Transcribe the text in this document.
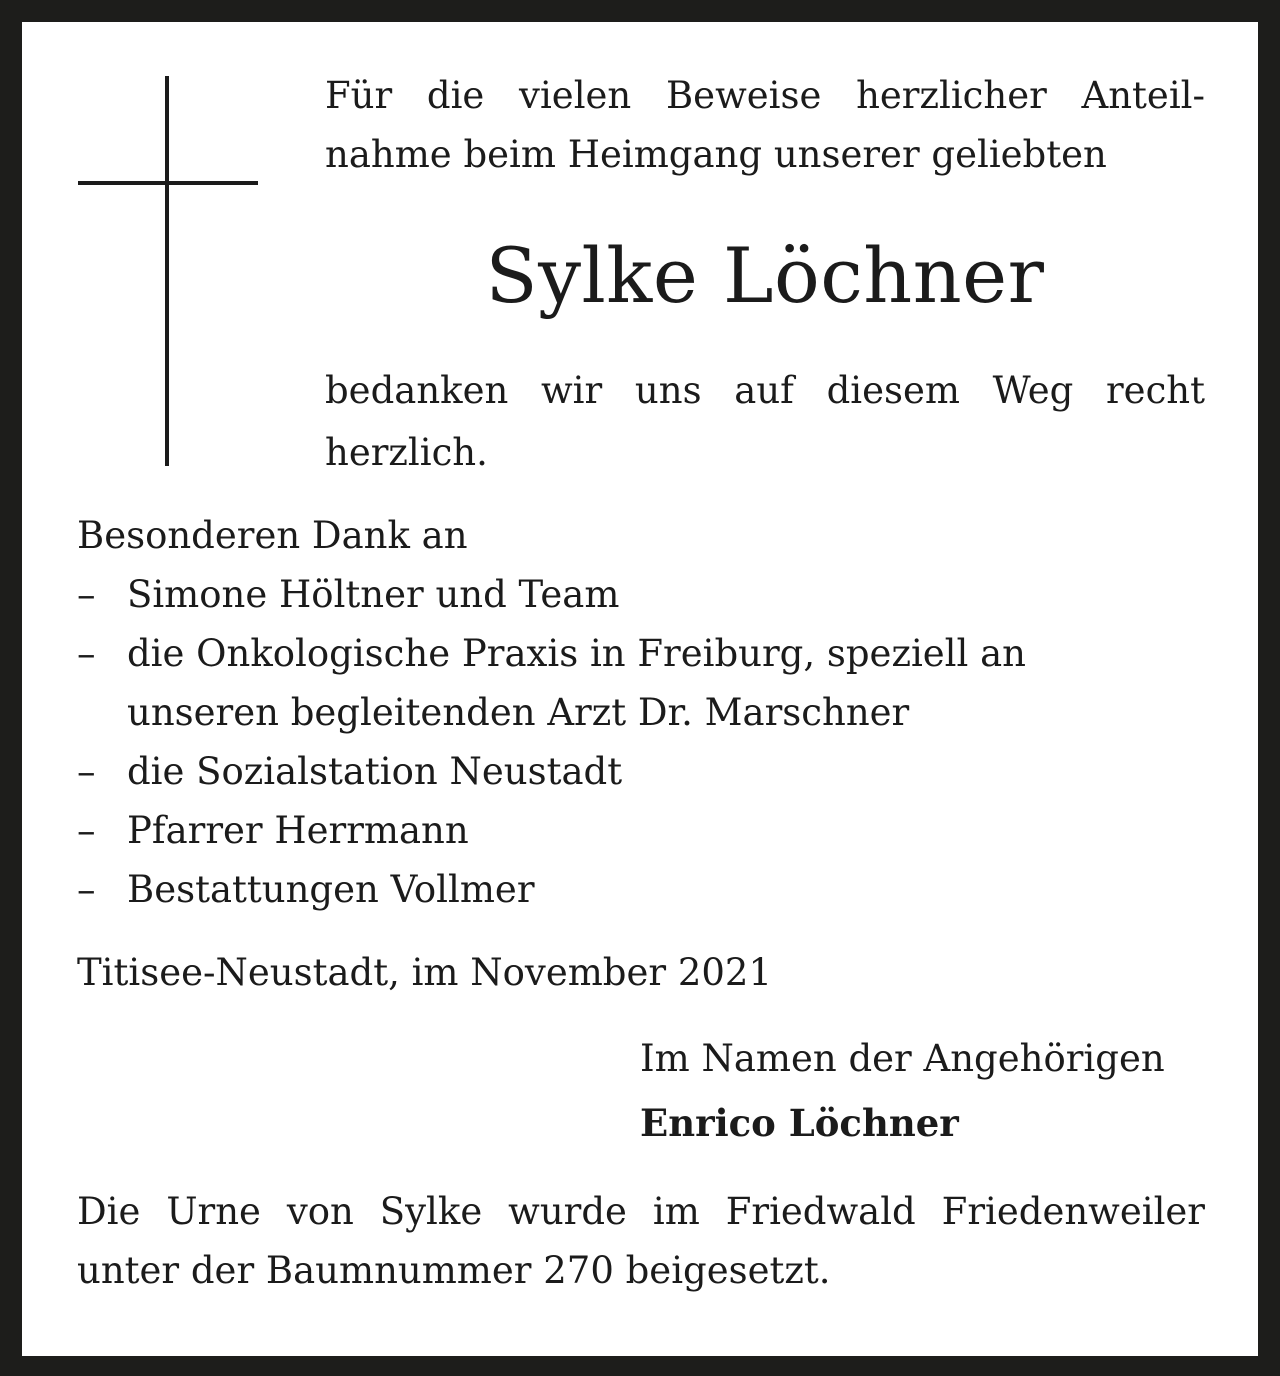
Für die vielen Beweise herzlicher Anteil-
nahme beim Heimgang unserer geliebten

Sylke Löchner

bedanken wir uns auf diesem Weg recht
herzlich.

Besonderen Dank an
– Simone Höltner und Team
– die Onkologische Praxis in Freiburg, speziell an
unseren begleitenden Arzt Dr. Marschner
– die Sozialstation Neustadt
– Pfarrer Herrmann
– Bestattungen Vollmer

Titisee-Neustadt, im November 2021

Im Namen der Angehörigen
Enrico Löchner

Die Urne von Sylke wurde im Friedwald Friedenweiler
unter der Baumnummer 270 beigesetzt.
